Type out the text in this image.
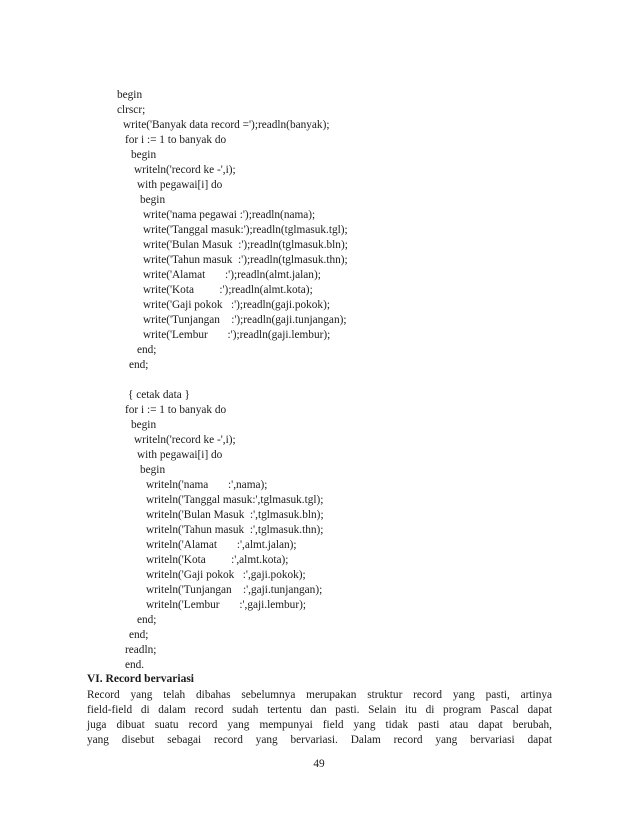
begin
clrscr;
write('Banyak data record =');readln(banyak);
for i := 1 to banyak do
begin
writeln('record ke -',i);
with pegawai[i] do
begin
write('nama pegawai :');readln(nama);
write('Tanggal masuk:');readln(tglmasuk.tgl);
write('Bulan Masuk  :');readln(tglmasuk.bln);
write('Tahun masuk  :');readln(tglmasuk.thn);
write('Alamat       :');readln(almt.jalan);
write('Kota         :');readln(almt.kota);
write('Gaji pokok   :');readln(gaji.pokok);
write('Tunjangan    :');readln(gaji.tunjangan);
write('Lembur       :');readln(gaji.lembur);
end;
end;
{ cetak data }
for i := 1 to banyak do
begin
writeln('record ke -',i);
with pegawai[i] do
begin
writeln('nama       :',nama);
writeln('Tanggal masuk:',tglmasuk.tgl);
writeln('Bulan Masuk  :',tglmasuk.bln);
writeln('Tahun masuk  :',tglmasuk.thn);
writeln('Alamat       :',almt.jalan);
writeln('Kota         :',almt.kota);
writeln('Gaji pokok   :',gaji.pokok);
writeln('Tunjangan    :',gaji.tunjangan);
writeln('Lembur       :',gaji.lembur);
end;
end;
readln;
VI. Record bervariasi
Record yang telah dibahas sebelumnya merupakan struktur record yang pasti, artinya
field-field di dalam record sudah tertentu dan pasti. Selain itu di program Pascal dapat
juga dibuat suatu record yang mempunyai field yang tidak pasti atau dapat berubah,
yang disebut sebagai record yang bervariasi. Dalam record yang bervariasi dapat
49
end.
